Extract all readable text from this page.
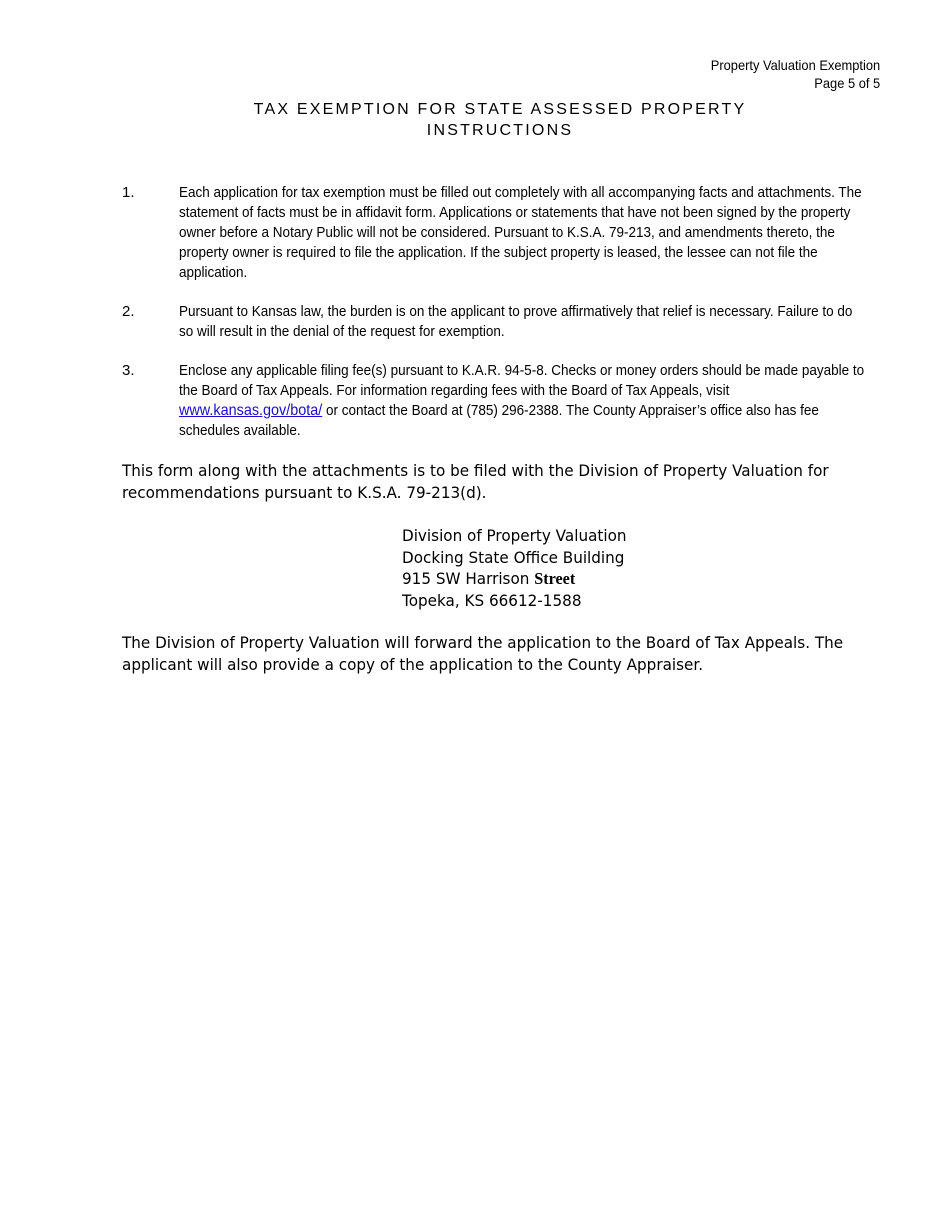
Property Valuation Exemption
Page 5 of 5
TAX EXEMPTION FOR STATE ASSESSED PROPERTY
INSTRUCTIONS
1.	Each application for tax exemption must be filled out completely with all accompanying facts and attachments. The statement of facts must be in affidavit form. Applications or statements that have not been signed by the property owner before a Notary Public will not be considered. Pursuant to K.S.A. 79-213, and amendments thereto, the property owner is required to file the application. If the subject property is leased, the lessee can not file the application.
2.	Pursuant to Kansas law, the burden is on the applicant to prove affirmatively that relief is necessary. Failure to do so will result in the denial of the request for exemption.
3.	Enclose any applicable filing fee(s) pursuant to K.A.R. 94-5-8. Checks or money orders should be made payable to the Board of Tax Appeals. For information regarding fees with the Board of Tax Appeals, visit www.kansas.gov/bota/ or contact the Board at (785) 296-2388. The County Appraiser’s office also has fee schedules available.
This form along with the attachments is to be filed with the Division of Property Valuation for recommendations pursuant to K.S.A. 79-213(d).
Division of Property Valuation
Docking State Office Building
915 SW Harrison Street
Topeka, KS 66612-1588
The Division of Property Valuation will forward the application to the Board of Tax Appeals. The applicant will also provide a copy of the application to the County Appraiser.
